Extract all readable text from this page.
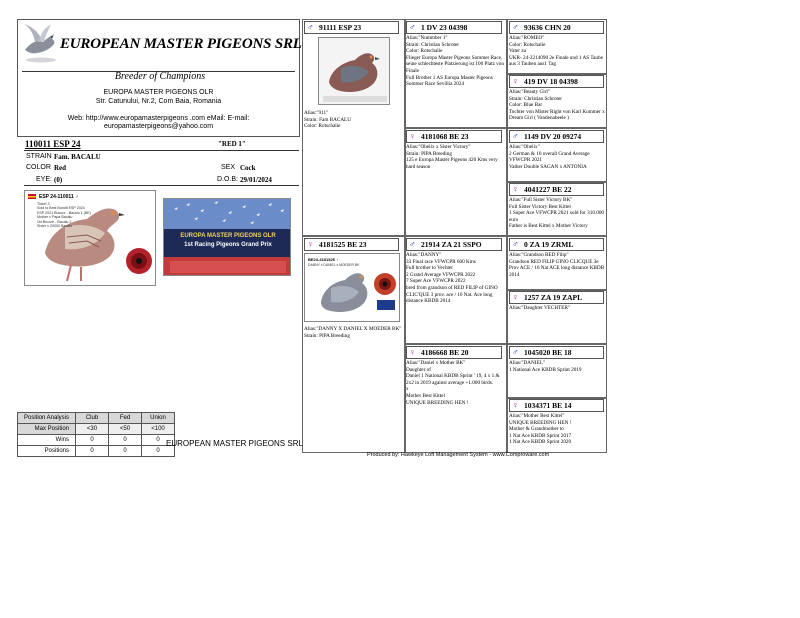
EUROPEAN MASTER PIGEONS SRL
Breeder of Champions
EUROPA MASTER PIGEONS OLR
Str. Catunului, Nr.2, Com Baia, Romania
Web: http://www.europamasterpigeons .com eMail: E-mail:
europamasterpigeons@yahoo.com
110011 ESP 24	"RED 1"
STRAIN Fam. BACALU
COLOR Red	SEX Cock
EYE: (0)	D.O.B: 29/01/2024
ESP 24-110011 ♂
Ticket 3
Sold to Best Bandit ESP 2024
ESP 2021 Bucure - Bacalu 1 (BE)
Mother x Papa Bacalu
1st Bucure - Bacalu 2
Sister x 20000 Bacalu
EUROPA MASTER PIGEONS OLR
1st Racing Pigeons Grand Prix
♂ 91111 ESP 23
Alias:"911"
Strain: Fam BACALU
Color: Rotschalie
♀ 4181525 BE 23
BE23-4181525 ♀
DANNY x DANIEL x MOEDER BK
Alias:"DANNY X DANIEL X MOEDER BK"
Strain: PIPA Breeding
♂ 1 DV 23 04398
Alias:"Nummber 1"
Strain: Christian Schroter
Color: Rotschalie
Flieger Europa Master Pigeons Sommer Race, seine schlechteste Platzierung ist 100 Platz von Finale
Full Brother 1 AS Europa Master Pigeons Sommer Race Sevillia 2024
♀ 4181068 BE 23
Alias:"Obelix x Sister Victory"
Strain: PIPA Breeding
125 e Europa Master Pigeons 420 Kms very hard season
♂ 21914 ZA 21 SSPO
Alias:"DANNY"
33 Final race VFWCPR 600 Kms
Full brother to Vechter
2 Grand Average VFWCPR 2022
7 Super Ace VFWCPR 2022
bred from grandson of RED FILIP of GINO CLIC'QUE 3 prov. ace / 16 Nat. Ace long distance KBDB 2014
♀ 4186668 BE 20
Alias:"Daniel x Mother BK"
Daughter of
Daniel 1 National KBDB Sprint ' 19, 4 x 1.& 2x2 in 2019 against average +1.000 birds.
x
Mother Best Kittel
UNIQUE BREEDING HEN !
♂ 93636 CHN 20
Alias:"ROMEO"
Color: Rotschalie
Vater zu
UKR- 24-2214090 2e Finale und 1 AS Taube aus 3 Tauben aus1 Tag
♀ 419 DV 18 04398
Alias:"Beauty Girl"
Strain: Christian Schroter
Color: Blue Bar
Tochter von Mister Right von Karl Kummer x Dream Girl ( Vandenabeele )
♂ 1149 DV 20 09274
Alias:"Obelix"
2 German & 10 overall Grand Average VFWCPR 2021
Vather Double SAGAN x ANTONIA
♀ 4041227 BE 22
Alias:"Full Sister Victory BK"
Full Sister Victory Best Kittel
1 Super Ace VFWCPR 2021 sold for 310.000 euro
Father is Best Kittel x Mother Victory
♂ 0 ZA 19 ZRML
Alias:"Grandson RED Filip"
Grandson RED FILIP GINO CLICQUE 3e Prov ACE / 16 Nat ACE long distance KBDB 2014
♀ 1257 ZA 19 ZAPL
Alias:"Daughter VECHTER"
♂ 1045020 BE 18
Alias:"DANIEL"
1 National Ace KBDB Sprint 2019
♀ 1034371 BE 14
Alias:"Mother Best Kittel"
UNIQUE BREEDING HEN !
Mother & Grandmother to
1 Nat Ace KBDB Sprint 2017
1 Nat Ace KBDB Sprint 2020
Position Analysis	Club	Fed	Union
Max Position	<30	<50	<100
Wins	0	0	0
Positions	0	0	0
EUROPEAN MASTER PIGEONS SRL
Produced by: Hawkeye Loft Management System - www.Comproware.com
